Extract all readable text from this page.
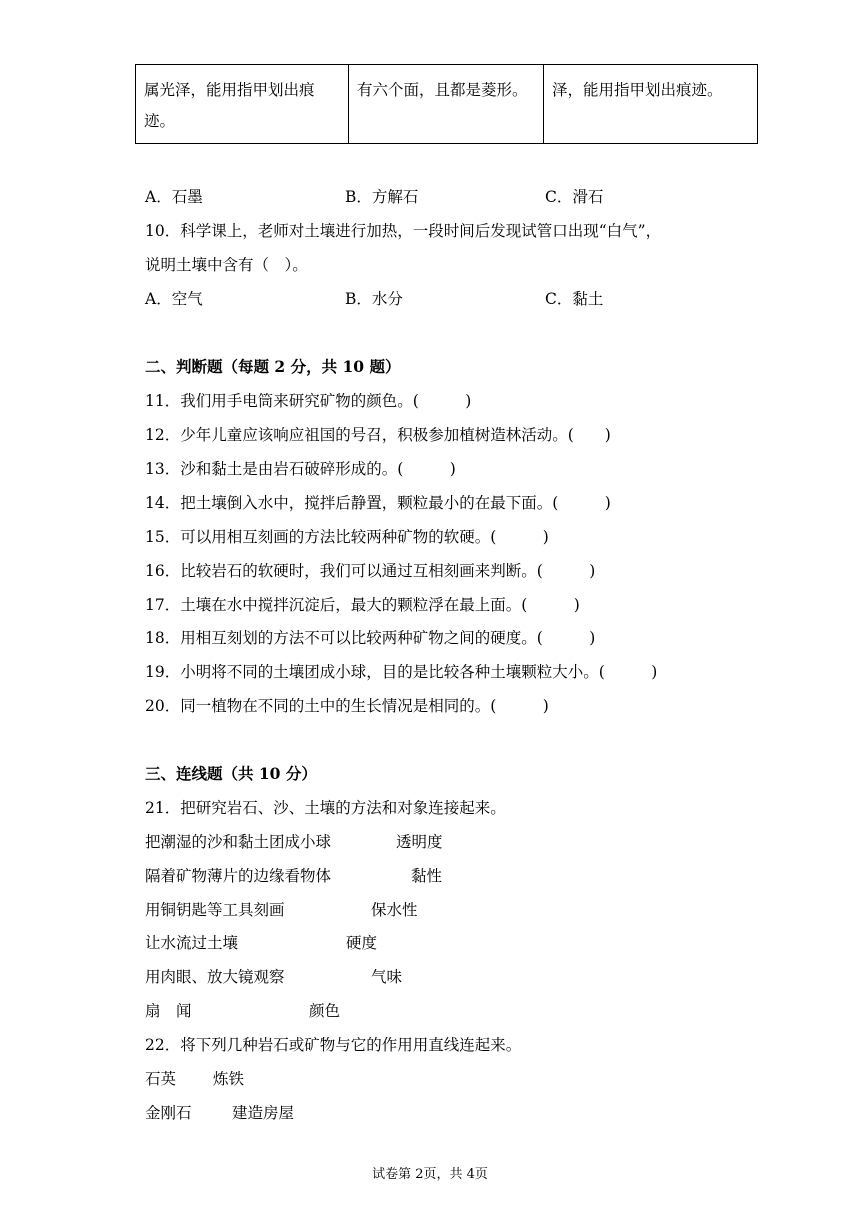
属光泽，能用指甲划出痕迹。	有六个面，且都是菱形。	泽，能用指甲划出痕迹。
A．石墨	B．方解石	C．滑石
10．科学课上，老师对土壤进行加热，一段时间后发现试管口出现“白气”，
说明土壤中含有（　）。
A．空气	B．水分	C．黏土
二、判断题（每题 2 分，共 10 题）
11．我们用手电筒来研究矿物的颜色。(　　　)
12．少年儿童应该响应祖国的号召，积极参加植树造林活动。(　　)
13．沙和黏土是由岩石破碎形成的。(　　　)
14．把土壤倒入水中，搅拌后静置，颗粒最小的在最下面。(　　　)
15．可以用相互刻画的方法比较两种矿物的软硬。(　　　)
16．比较岩石的软硬时，我们可以通过互相刻画来判断。(　　　)
17．土壤在水中搅拌沉淀后，最大的颗粒浮在最上面。(　　　)
18．用相互刻划的方法不可以比较两种矿物之间的硬度。(　　　)
19．小明将不同的土壤团成小球，目的是比较各种土壤颗粒大小。(　　　)
20．同一植物在不同的土中的生长情况是相同的。(　　　)
三、连线题（共 10 分）
21．把研究岩石、沙、土壤的方法和对象连接起来。
把潮湿的沙和黏土团成小球	透明度
隔着矿物薄片的边缘看物体	黏性
用铜钥匙等工具刻画	保水性
让水流过土壤	硬度
用肉眼、放大镜观察	气味
扇　闻	颜色
22．将下列几种岩石或矿物与它的作用用直线连起来。
石英 炼铁
金刚石	建造房屋
试卷第 2页，共 4页
